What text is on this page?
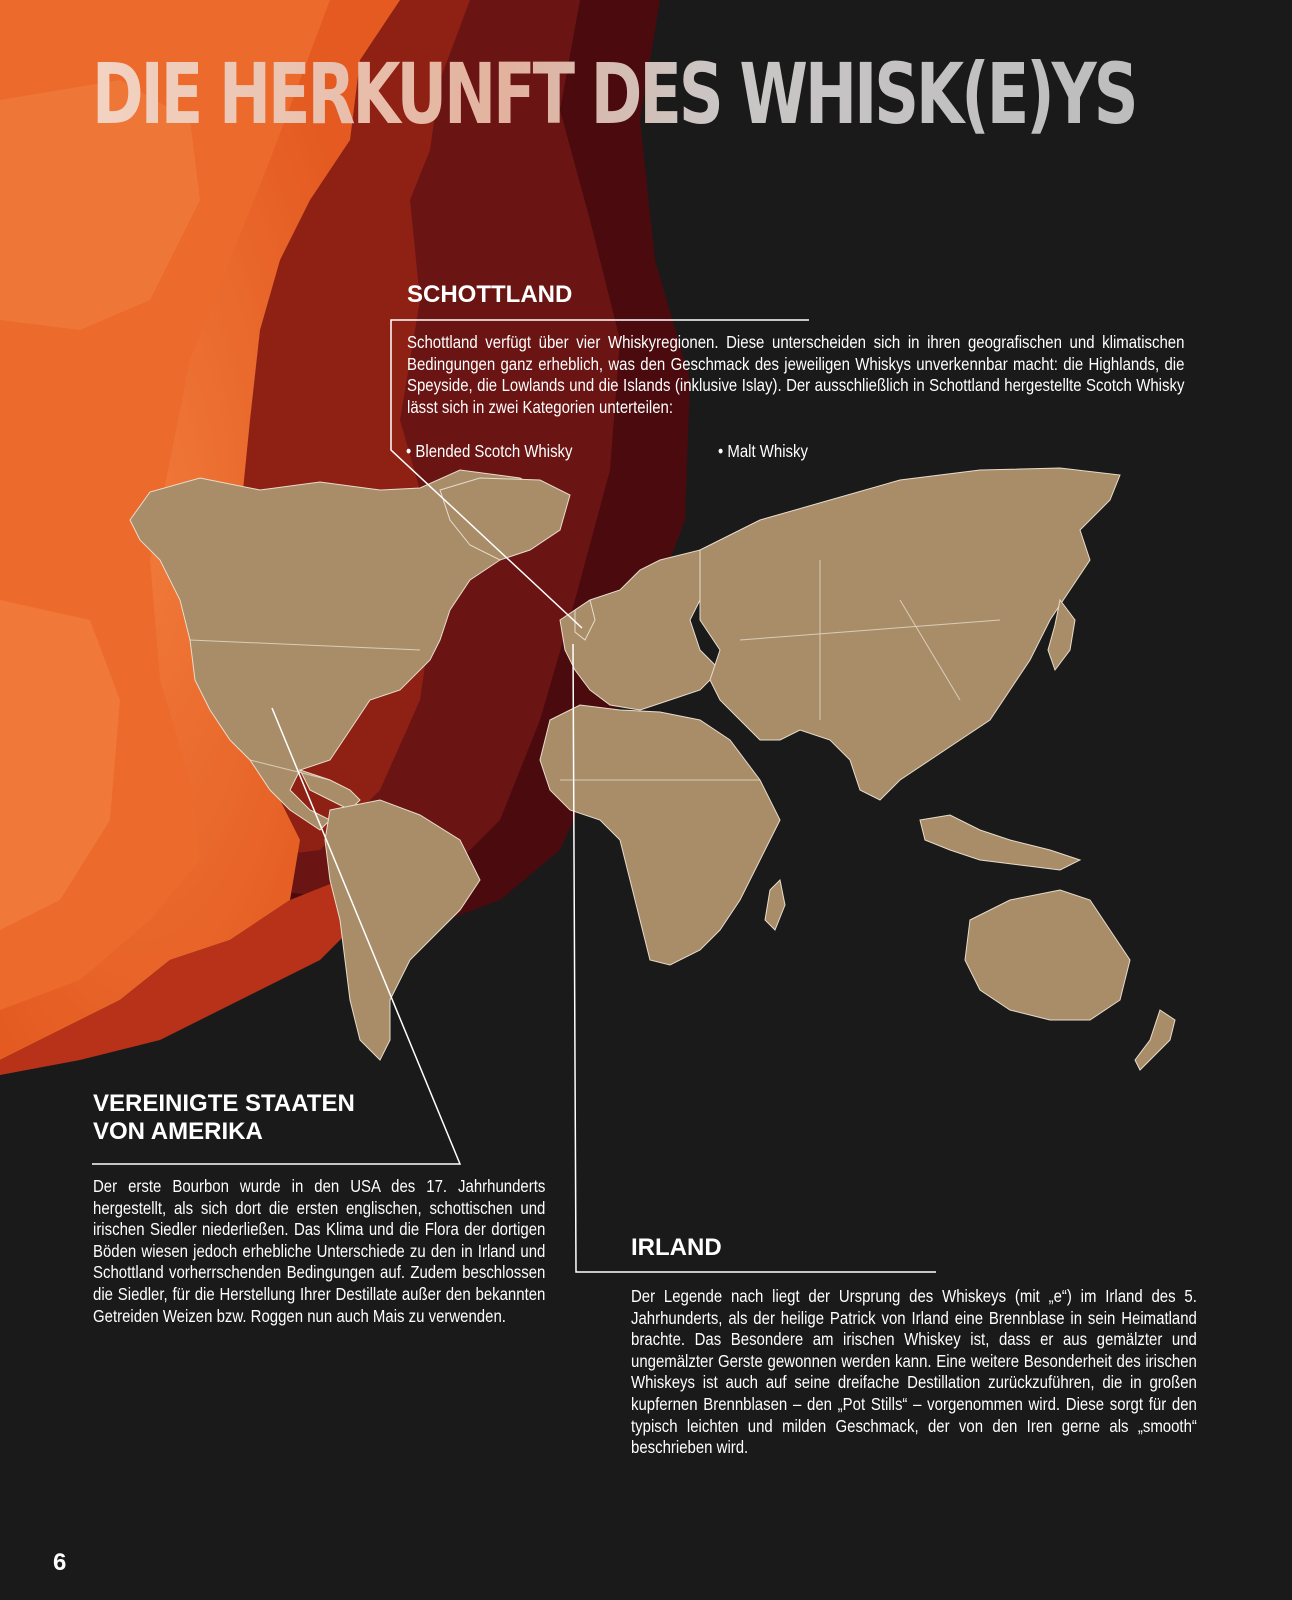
DIE HERKUNFT DES WHISK(E)YS
SCHOTTLAND

Schottland verfügt über vier Whiskyregionen. Diese unterscheiden sich in ihren geografischen und klimatischen Bedingungen ganz erheblich, was den Geschmack des jeweiligen Whiskys unverkennbar macht: die Highlands, die Speyside, die Lowlands und die Islands (inklusive Islay). Der ausschließlich in Schottland hergestellte Scotch Whisky lässt sich in zwei Kategorien unterteilen:

• Blended Scotch Whisky	• Malt Whisky
VEREINIGTE STAATEN
VON AMERIKA

Der erste Bourbon wurde in den USA des 17. Jahrhunderts hergestellt, als sich dort die ersten englischen, schottischen und irischen Siedler niederließen. Das Klima und die Flora der dortigen Böden wiesen jedoch erhebliche Unterschiede zu den in Irland und Schottland vorherrschenden Bedingungen auf. Zudem beschlossen die Siedler, für die Herstellung Ihrer Destillate außer den bekannten Getreiden Weizen bzw. Roggen nun auch Mais zu verwenden.

IRLAND

Der Legende nach liegt der Ursprung des Whiskeys (mit „e“) im Irland des 5. Jahrhunderts, als der heilige Patrick von Irland eine Brennblase in sein Heimatland brachte. Das Besondere am irischen Whiskey ist, dass er aus gemälzter und ungemälzter Gerste gewonnen werden kann. Eine weitere Besonderheit des irischen Whiskeys ist auch auf seine dreifache Destillation zurückzuführen, die in großen kupfernen Brennblasen – den „Pot Stills“ – vorgenommen wird. Diese sorgt für den typisch leichten und milden Geschmack, der von den Iren gerne als „smooth“ beschrieben wird.

6
